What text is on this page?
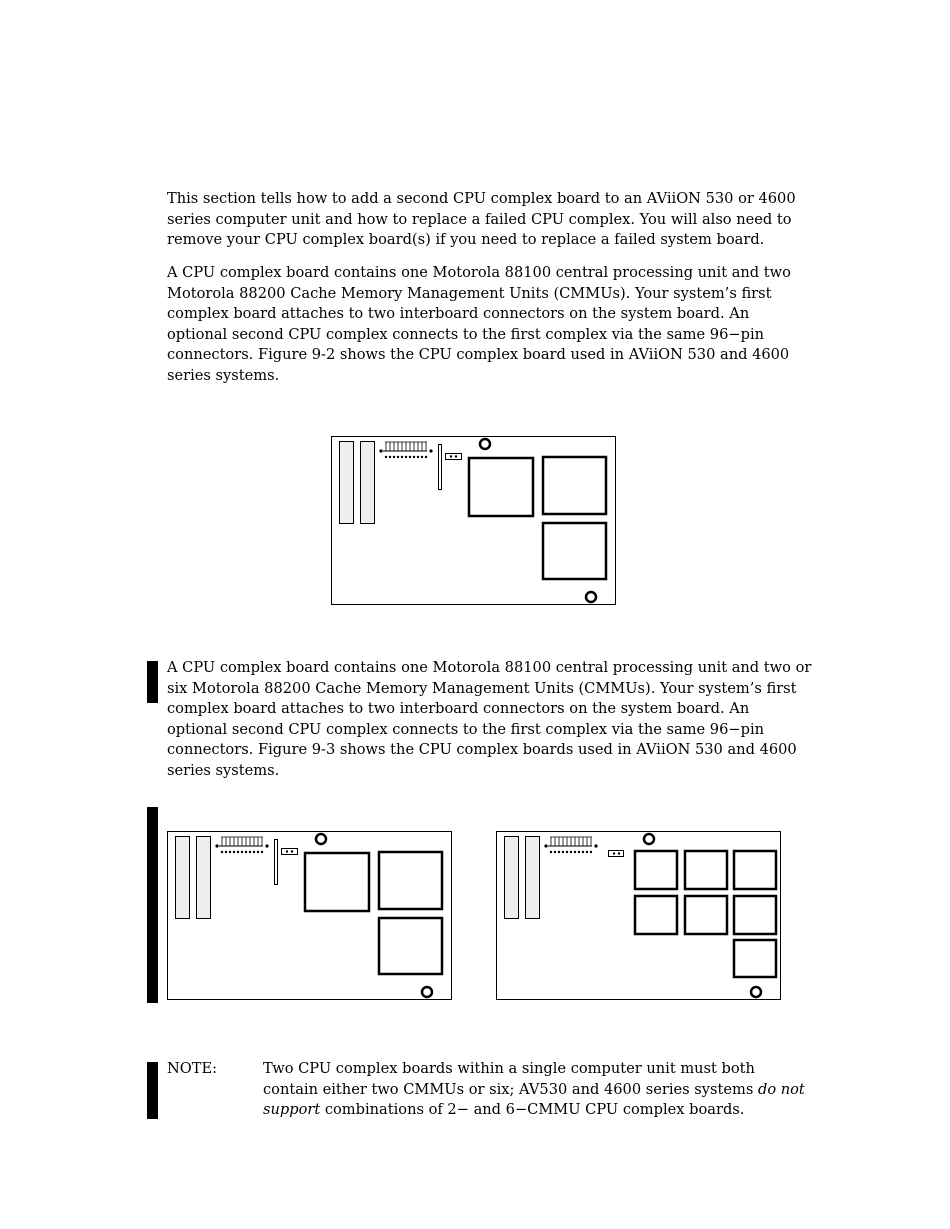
This section tells how to add a second CPU complex board to an AViiON 530 or 4600
series computer unit and how to replace a failed CPU complex. You will also need to
remove your CPU complex board(s) if you need to replace a failed system board.

A CPU complex board contains one Motorola 88100 central processing unit and two
Motorola 88200 Cache Memory Management Units (CMMUs). Your system’s first
complex board attaches to two interboard connectors on the system board. An
optional second CPU complex connects to the first complex via the same 96−pin
connectors. Figure 9-2 shows the CPU complex board used in AViiON 530 and 4600
series systems.

A CPU complex board contains one Motorola 88100 central processing unit and two or
six Motorola 88200 Cache Memory Management Units (CMMUs). Your system’s first
complex board attaches to two interboard connectors on the system board. An
optional second CPU complex connects to the first complex via the same 96−pin
connectors. Figure 9-3 shows the CPU complex boards used in AViiON 530 and 4600
series systems.

NOTE:	Two CPU complex boards within a single computer unit must both
contain either two CMMUs or six; AV530 and 4600 series systems do not
support combinations of 2− and 6−CMMU CPU complex boards.
